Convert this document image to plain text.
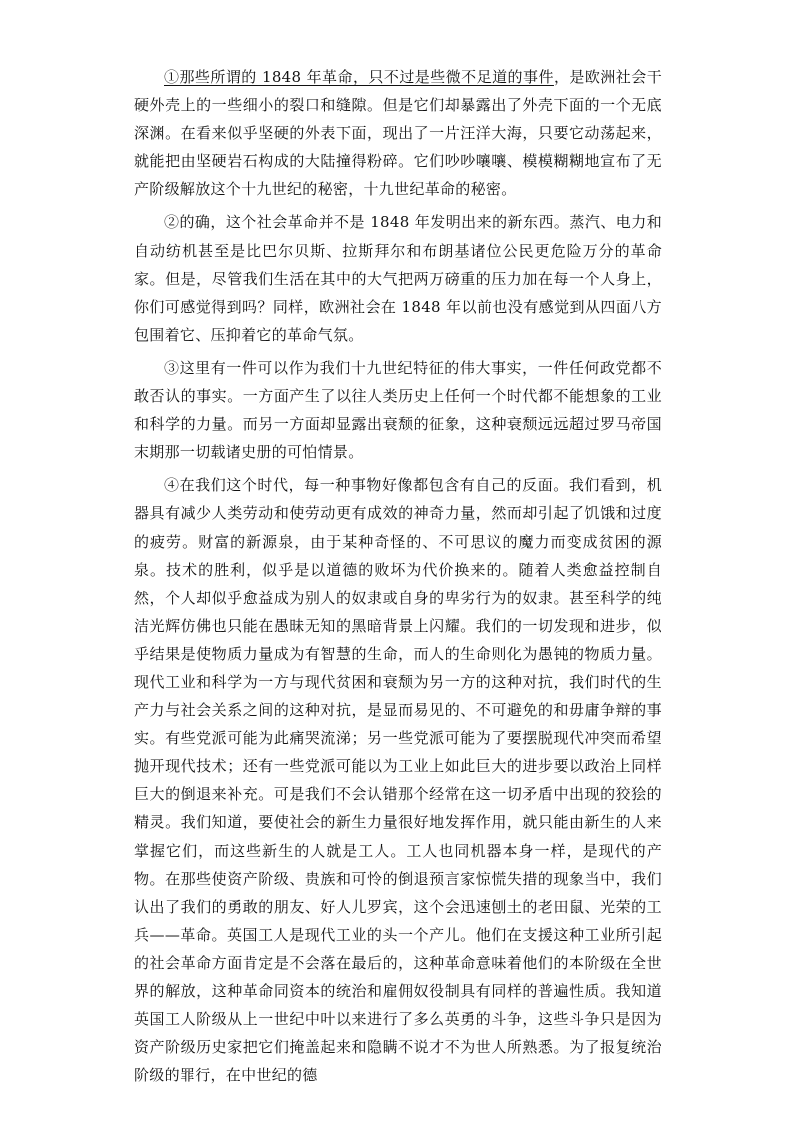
①那些所谓的 1848 年革命，只不过是些微不足道的事件，是欧洲社会干硬外壳上的一些细小的裂口和缝隙。但是它们却暴露出了外壳下面的一个无底深渊。在看来似乎坚硬的外表下面，现出了一片汪洋大海，只要它动荡起来，就能把由坚硬岩石构成的大陆撞得粉碎。它们吵吵嚷嚷、模模糊糊地宣布了无产阶级解放这个十九世纪的秘密，十九世纪革命的秘密。

②的确，这个社会革命并不是 1848 年发明出来的新东西。蒸汽、电力和自动纺机甚至是比巴尔贝斯、拉斯拜尔和布朗基诸位公民更危险万分的革命家。但是，尽管我们生活在其中的大气把两万磅重的压力加在每一个人身上，你们可感觉得到吗？同样，欧洲社会在 1848 年以前也没有感觉到从四面八方包围着它、压抑着它的革命气氛。

③这里有一件可以作为我们十九世纪特征的伟大事实，一件任何政党都不敢否认的事实。一方面产生了以往人类历史上任何一个时代都不能想象的工业和科学的力量。而另一方面却显露出衰颓的征象，这种衰颓远远超过罗马帝国末期那一切载诸史册的可怕情景。

④在我们这个时代，每一种事物好像都包含有自己的反面。我们看到，机器具有减少人类劳动和使劳动更有成效的神奇力量，然而却引起了饥饿和过度的疲劳。财富的新源泉，由于某种奇怪的、不可思议的魔力而变成贫困的源泉。技术的胜利，似乎是以道德的败坏为代价换来的。随着人类愈益控制自然，个人却似乎愈益成为别人的奴隶或自身的卑劣行为的奴隶。甚至科学的纯洁光辉仿佛也只能在愚昧无知的黑暗背景上闪耀。我们的一切发现和进步，似乎结果是使物质力量成为有智慧的生命，而人的生命则化为愚钝的物质力量。现代工业和科学为一方与现代贫困和衰颓为另一方的这种对抗，我们时代的生产力与社会关系之间的这种对抗，是显而易见的、不可避免的和毋庸争辩的事实。有些党派可能为此痛哭流涕；另一些党派可能为了要摆脱现代冲突而希望抛开现代技术；还有一些党派可能以为工业上如此巨大的进步要以政治上同样巨大的倒退来补充。可是我们不会认错那个经常在这一切矛盾中出现的狡狯的精灵。我们知道，要使社会的新生力量很好地发挥作用，就只能由新生的人来掌握它们，而这些新生的人就是工人。工人也同机器本身一样，是现代的产物。在那些使资产阶级、贵族和可怜的倒退预言家惊慌失措的现象当中，我们认出了我们的勇敢的朋友、好人儿罗宾，这个会迅速刨土的老田鼠、光荣的工兵——革命。英国工人是现代工业的头一个产儿。他们在支援这种工业所引起的社会革命方面肯定是不会落在最后的，这种革命意味着他们的本阶级在全世界的解放，这种革命同资本的统治和雇佣奴役制具有同样的普遍性质。我知道英国工人阶级从上一世纪中叶以来进行了多么英勇的斗争，这些斗争只是因为资产阶级历史家把它们掩盖起来和隐瞒不说才不为世人所熟悉。为了报复统治阶级的罪行，在中世纪的德
